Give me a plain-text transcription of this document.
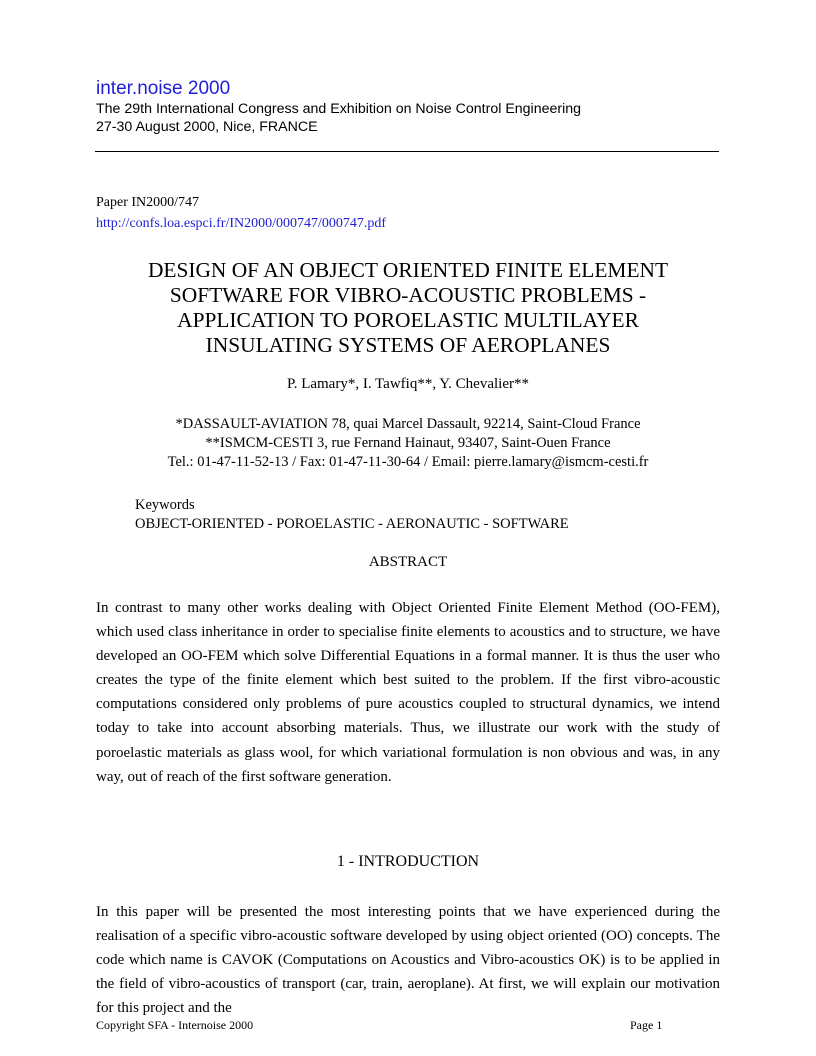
inter.noise 2000
The 29th International Congress and Exhibition on Noise Control Engineering
27-30 August 2000, Nice, FRANCE
Paper IN2000/747
http://confs.loa.espci.fr/IN2000/000747/000747.pdf
DESIGN OF AN OBJECT ORIENTED FINITE ELEMENT
SOFTWARE FOR VIBRO-ACOUSTIC PROBLEMS -
APPLICATION TO POROELASTIC MULTILAYER
INSULATING SYSTEMS OF AEROPLANES
P. Lamary*, I. Tawfiq**, Y. Chevalier**
*DASSAULT-AVIATION 78, quai Marcel Dassault, 92214, Saint-Cloud France
**ISMCM-CESTI 3, rue Fernand Hainaut, 93407, Saint-Ouen France
Tel.: 01-47-11-52-13 / Fax: 01-47-11-30-64 / Email: pierre.lamary@ismcm-cesti.fr
Keywords
OBJECT-ORIENTED - POROELASTIC - AERONAUTIC - SOFTWARE
ABSTRACT

In contrast to many other works dealing with Object Oriented Finite Element Method (OO-FEM), which used class inheritance in order to specialise finite elements to acoustics and to structure, we have developed an OO-FEM which solve Differential Equations in a formal manner. It is thus the user who creates the type of the finite element which best suited to the problem. If the first vibro-acoustic computations considered only problems of pure acoustics coupled to structural dynamics, we intend today to take into account absorbing materials. Thus, we illustrate our work with the study of poroelastic materials as glass wool, for which variational formulation is non obvious and was, in any way, out of reach of the first software generation.

1 - INTRODUCTION

In this paper will be presented the most interesting points that we have experienced during the realisation of a specific vibro-acoustic software developed by using object oriented (OO) concepts. The code which name is CAVOK (Computations on Acoustics and Vibro-acoustics OK) is to be applied in the field of vibro-acoustics of transport (car, train, aeroplane). At first, we will explain our motivation for this project and the

Copyright SFA - Internoise 2000	Page 1
